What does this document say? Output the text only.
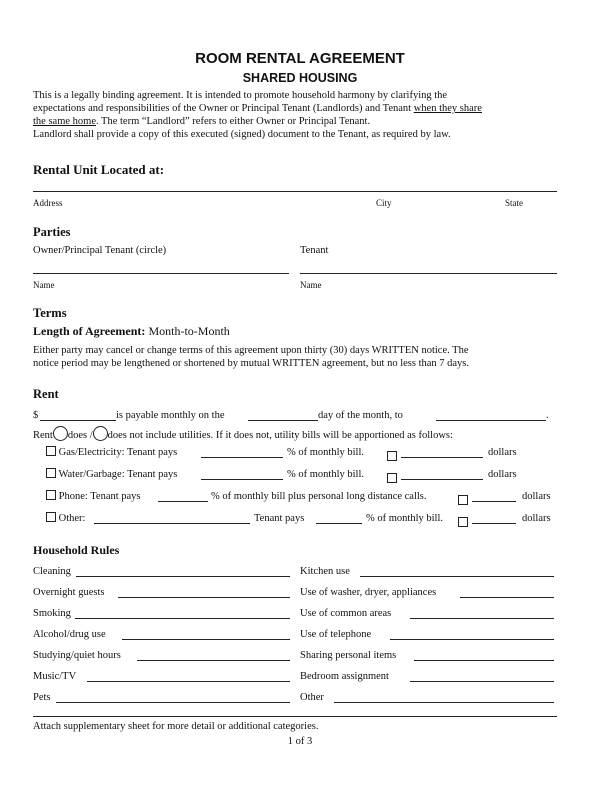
ROOM RENTAL AGREEMENT
SHARED HOUSING
This is a legally binding agreement. It is intended to promote household harmony by clarifying the
expectations and responsibilities of the Owner or Principal Tenant (Landlords) and Tenant when they share
the same home. The term “Landlord” refers to either Owner or Principal Tenant.
Landlord shall provide a copy of this executed (signed) document to the Tenant, as required by law.
Rental Unit Located at:
Address	City	State
Parties
Owner/Principal Tenant (circle)	Tenant
Name	Name
Terms
Length of Agreement: Month-to-Month
Either party may cancel or change terms of this agreement upon thirty (30) days WRITTEN notice. The
notice period may be lengthened or shortened by mutual WRITTEN agreement, but no less than 7 days.
Rent
$	is payable monthly on the	day of the month, to	.
Rent does / does not include utilities. If it does not, utility bills will be apportioned as follows:
Gas/Electricity: Tenant pays	% of monthly bill.	dollars
Water/Garbage: Tenant pays	% of monthly bill.	dollars
Phone: Tenant pays	% of monthly bill plus personal long distance calls.	dollars
Other:	Tenant pays	% of monthly bill.	dollars
Household Rules
Cleaning	Kitchen use
Overnight guests	Use of washer, dryer, appliances
Smoking	Use of common areas
Alcohol/drug use	Use of telephone
Studying/quiet hours	Sharing personal items
Music/TV	Bedroom assignment
Pets	Other
Attach supplementary sheet for more detail or additional categories.
1 of 3
